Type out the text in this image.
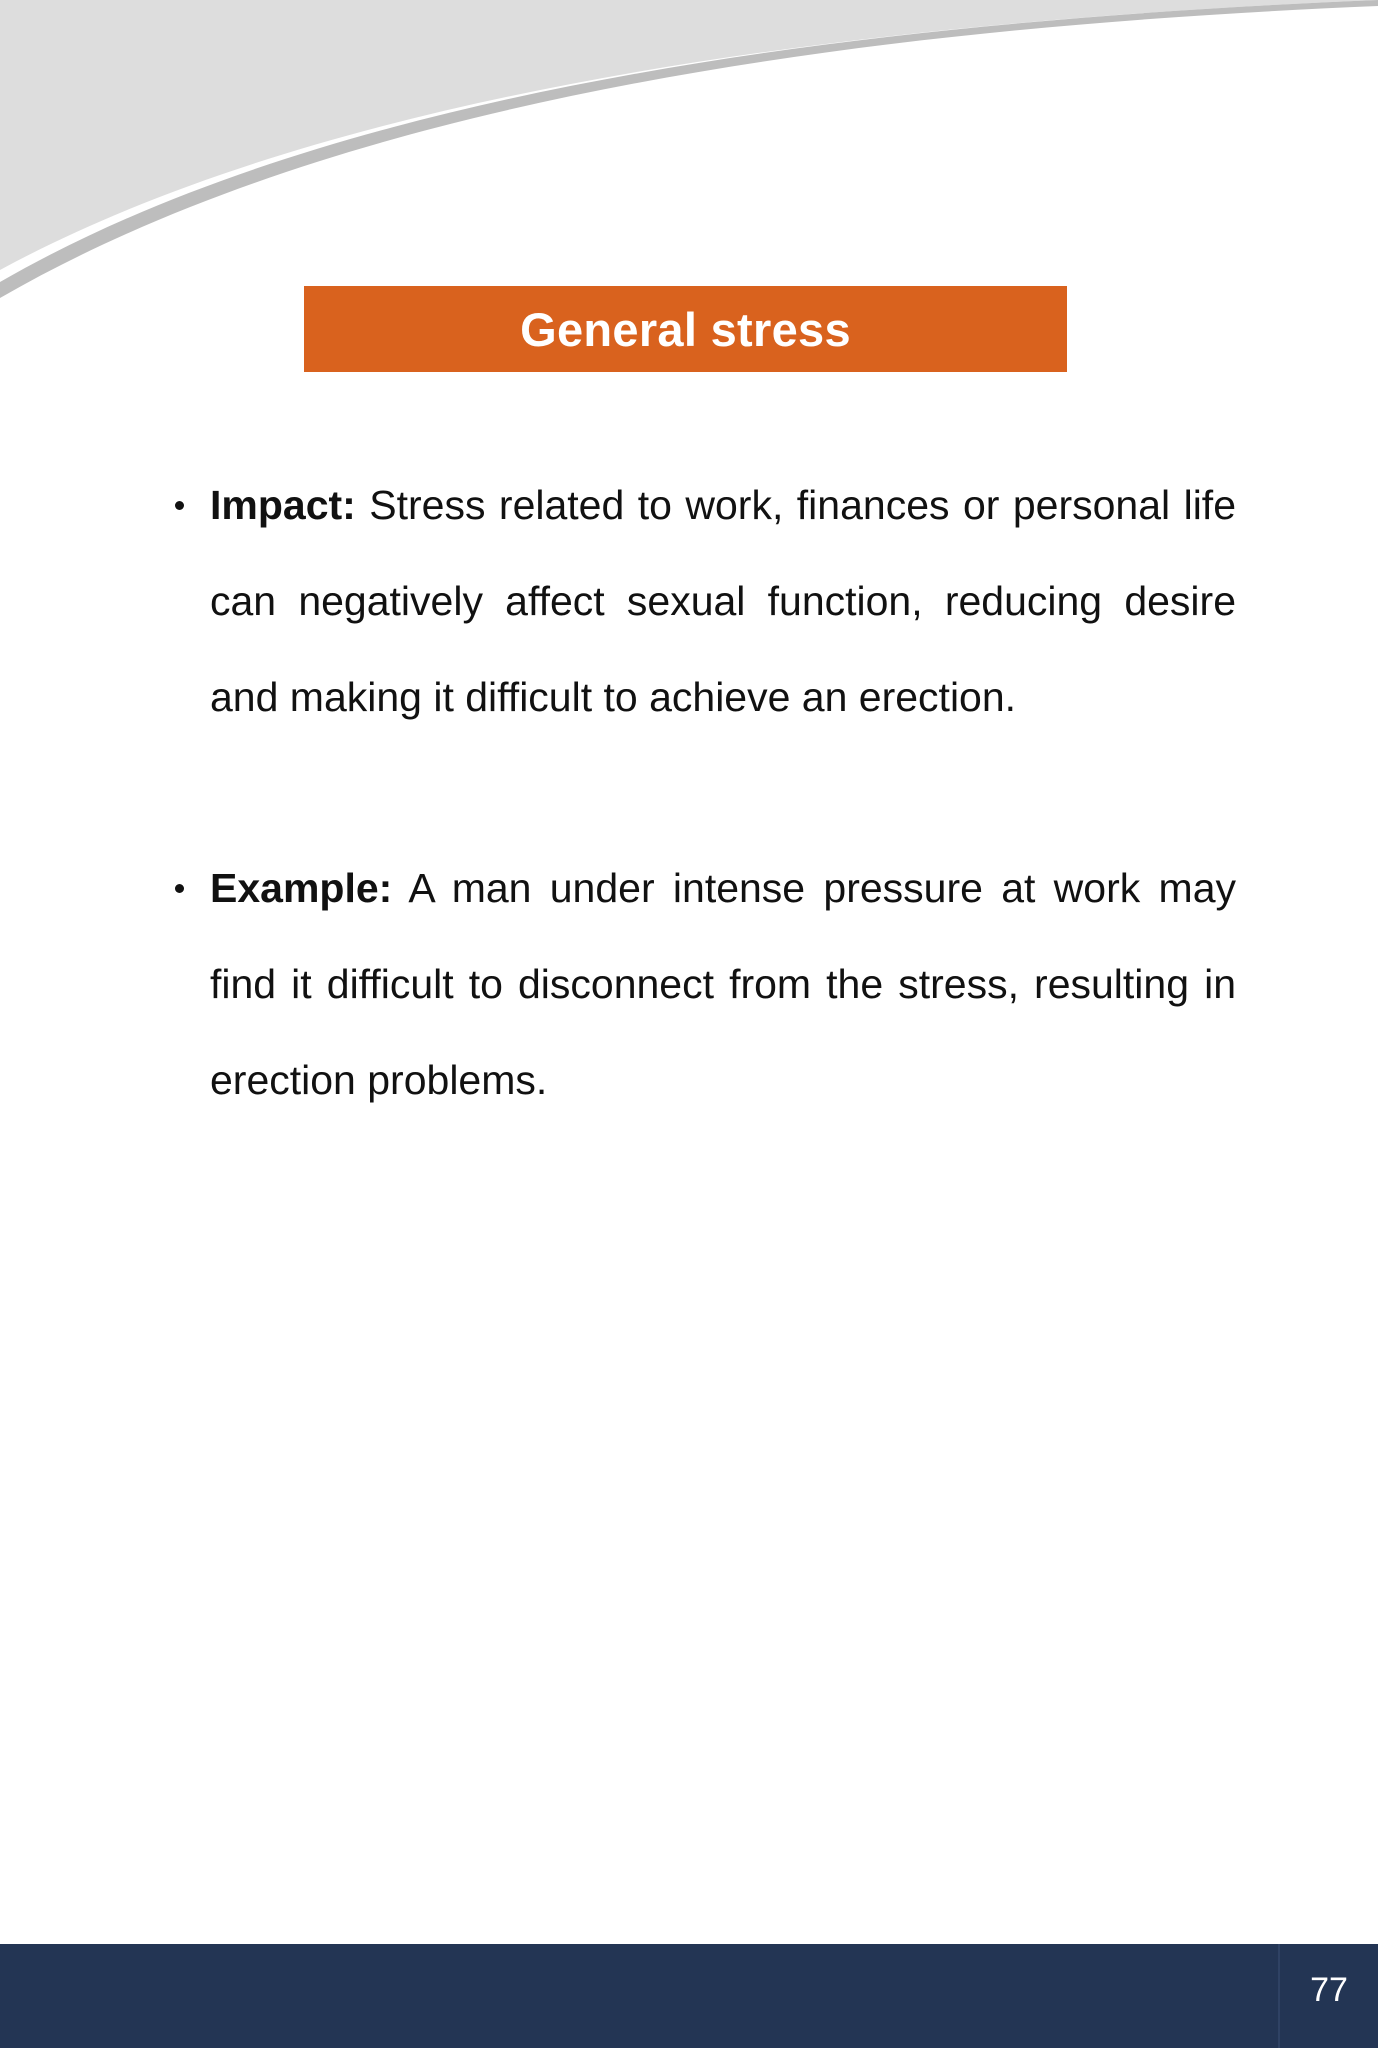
General stress
Impact: Stress related to work, finances or personal life can negatively affect sexual function, reducing desire and making it difficult to achieve an erection.
Example: A man under intense pressure at work may find it difficult to disconnect from the stress, resulting in erection problems.
77
